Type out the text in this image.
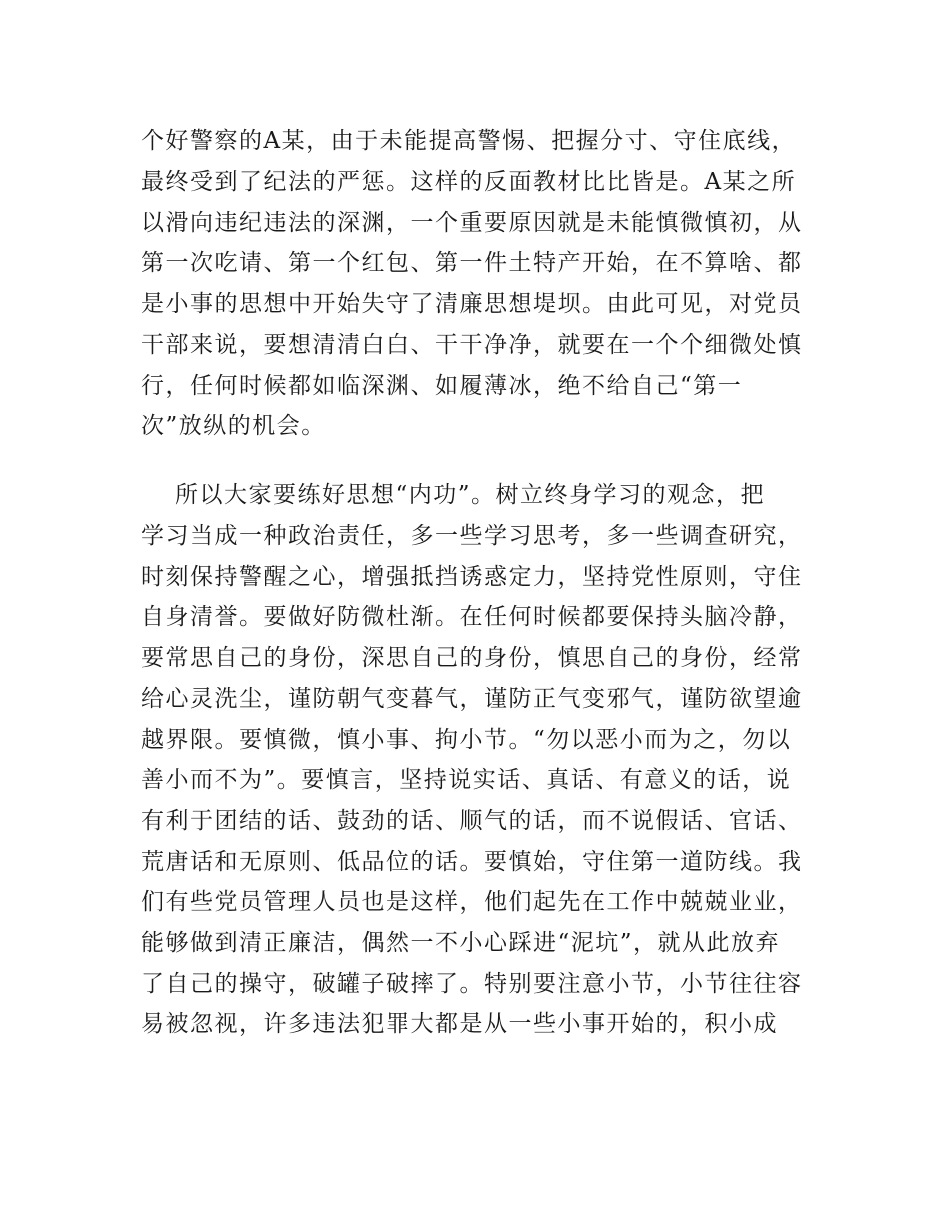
个好警察的A某，由于未能提高警惕、把握分寸、守住底线，
最终受到了纪法的严惩。这样的反面教材比比皆是。A某之所
以滑向违纪违法的深渊，一个重要原因就是未能慎微慎初，从
第一次吃请、第一个红包、第一件土特产开始，在不算啥、都
是小事的思想中开始失守了清廉思想堤坝。由此可见，对党员
干部来说，要想清清白白、干干净净，就要在一个个细微处慎
行，任何时候都如临深渊、如履薄冰，绝不给自己“第一
次”放纵的机会。
所以大家要练好思想“内功”。树立终身学习的观念，把
学习当成一种政治责任，多一些学习思考，多一些调查研究，
时刻保持警醒之心，增强抵挡诱惑定力，坚持党性原则，守住
自身清誉。要做好防微杜渐。在任何时候都要保持头脑冷静，
要常思自己的身份，深思自己的身份，慎思自己的身份，经常
给心灵洗尘，谨防朝气变暮气，谨防正气变邪气，谨防欲望逾
越界限。要慎微，慎小事、拘小节。“勿以恶小而为之，勿以
善小而不为”。要慎言，坚持说实话、真话、有意义的话，说
有利于团结的话、鼓劲的话、顺气的话，而不说假话、官话、
荒唐话和无原则、低品位的话。要慎始，守住第一道防线。我
们有些党员管理人员也是这样，他们起先在工作中兢兢业业，
能够做到清正廉洁，偶然一不小心踩进“泥坑”，就从此放弃
了自己的操守，破罐子破摔了。特别要注意小节，小节往往容
易被忽视，许多违法犯罪大都是从一些小事开始的，积小成
